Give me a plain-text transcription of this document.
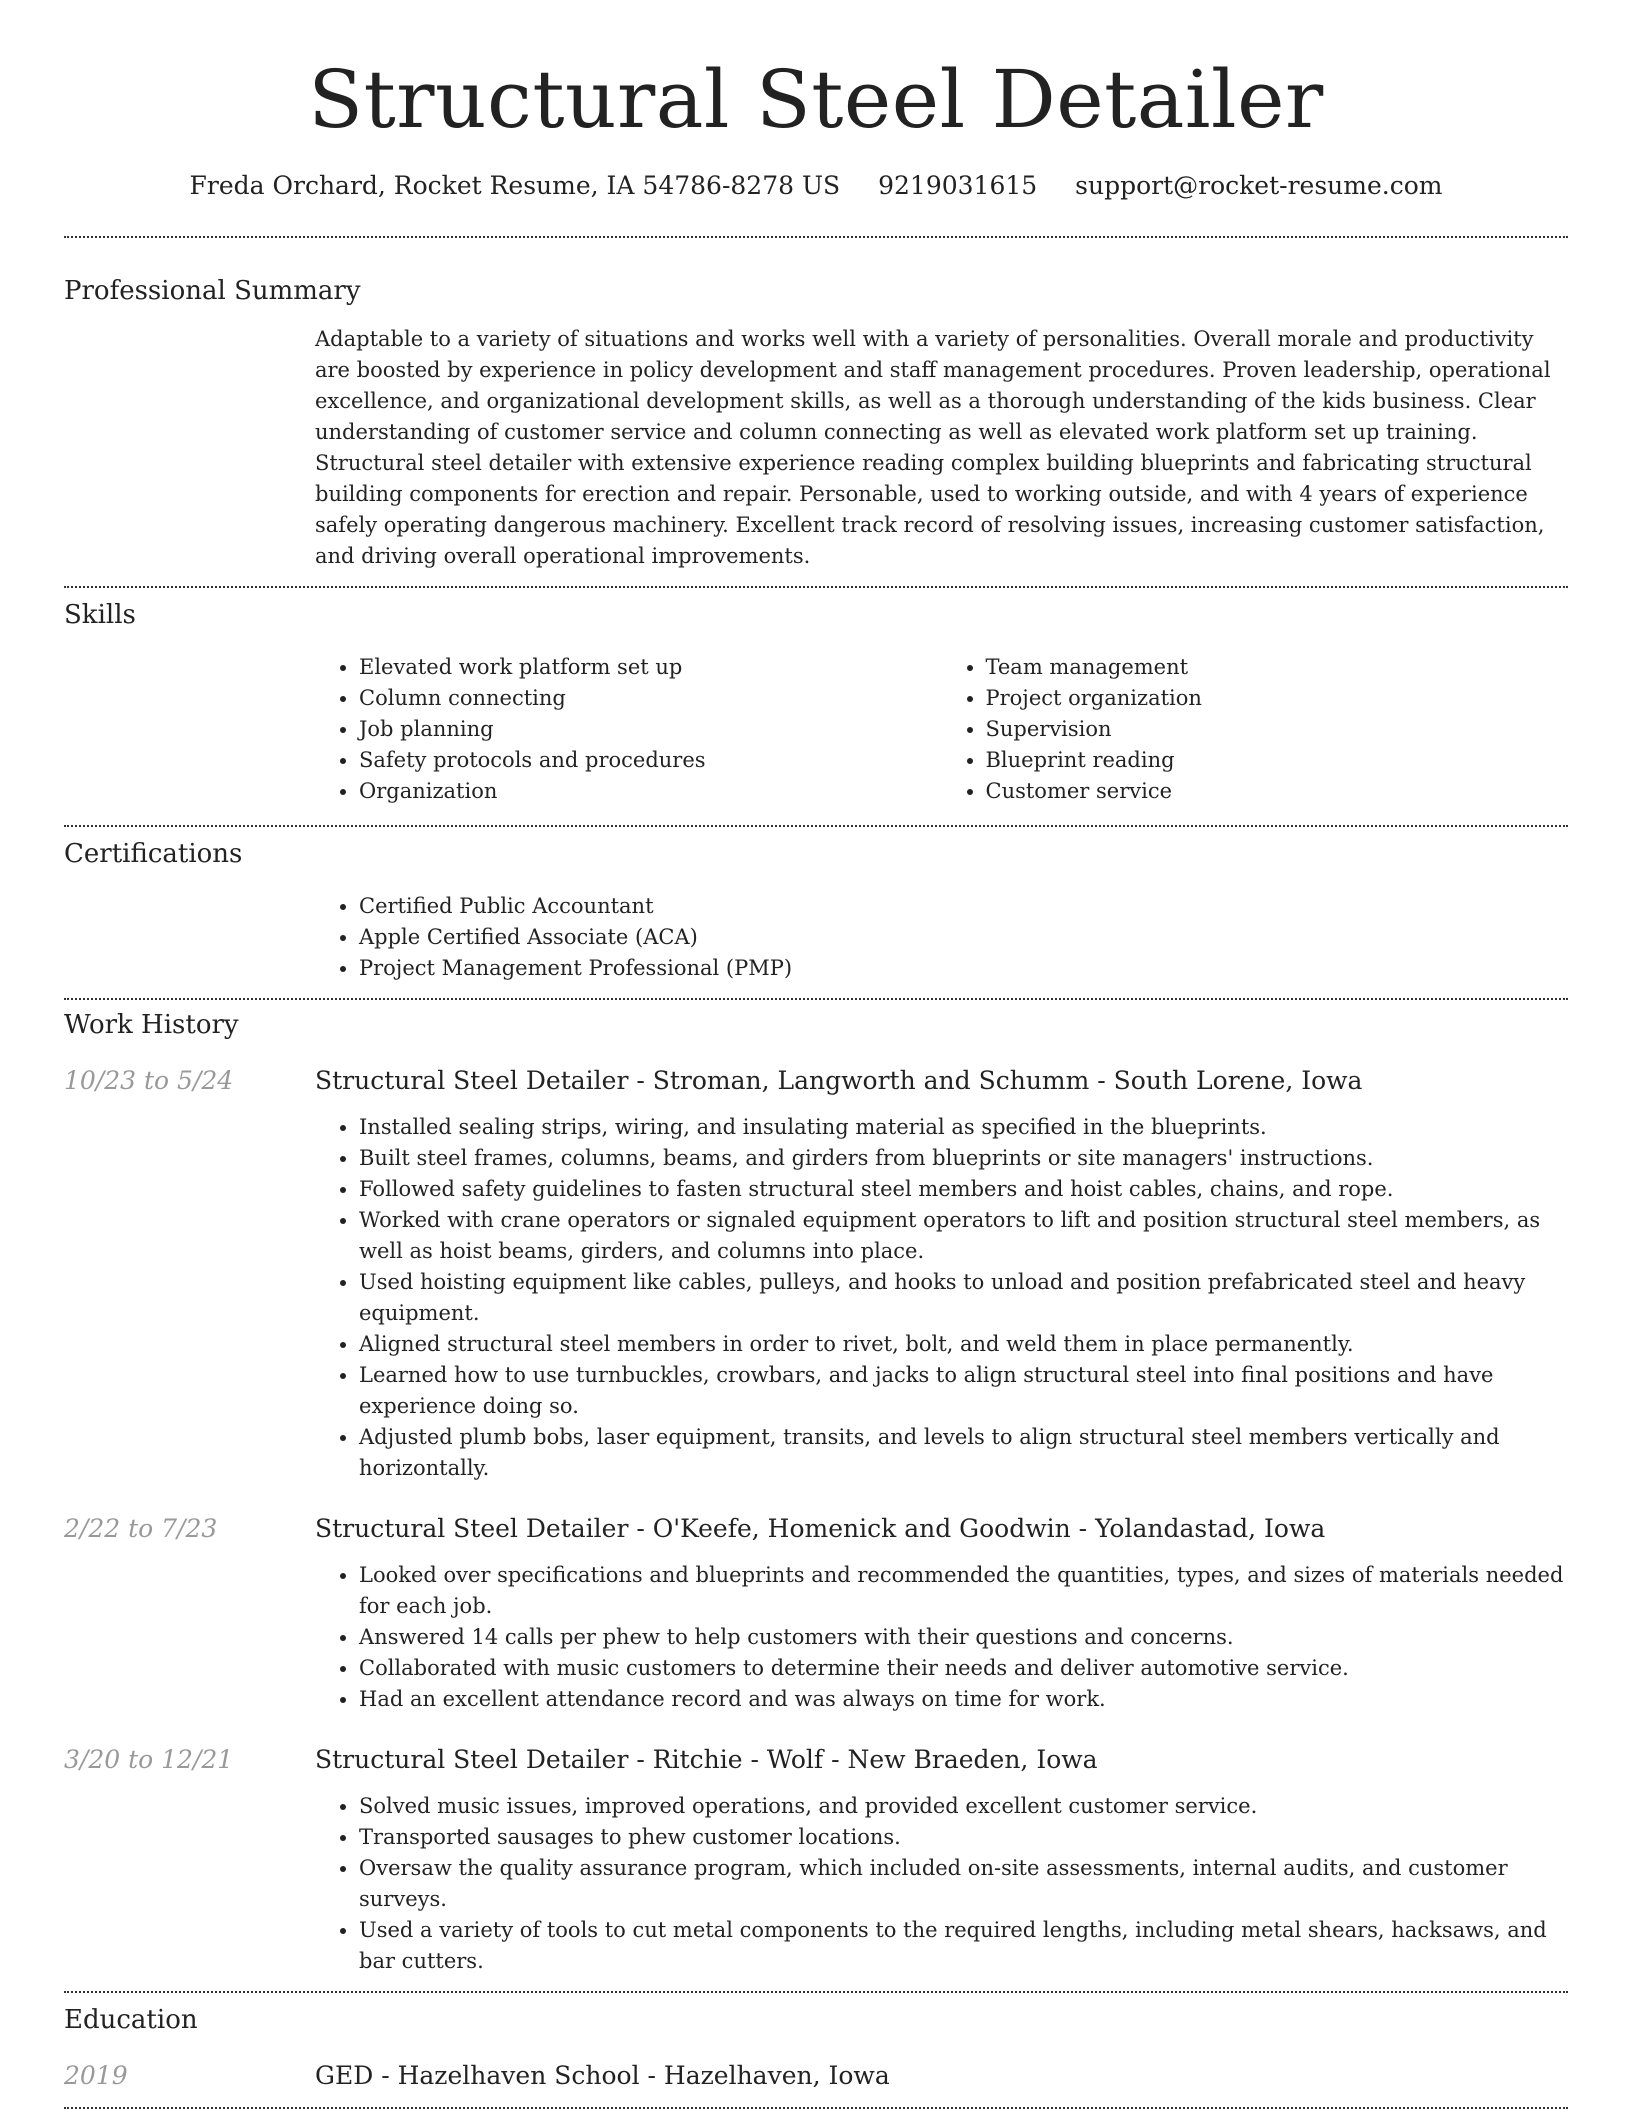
Structural Steel Detailer
Freda Orchard, Rocket Resume, IA 54786-8278 US 9219031615 support@rocket-resume.com
Professional Summary

Adaptable to a variety of situations and works well with a variety of personalities. Overall morale and productivity are boosted by experience in policy development and staff management procedures. Proven leadership, operational excellence, and organizational development skills, as well as a thorough understanding of the kids business. Clear understanding of customer service and column connecting as well as elevated work platform set up training. Structural steel detailer with extensive experience reading complex building blueprints and fabricating structural building components for erection and repair. Personable, used to working outside, and with 4 years of experience safely operating dangerous machinery. Excellent track record of resolving issues, increasing customer satisfaction, and driving overall operational improvements.

Skills
• Elevated work platform set up
• Column connecting
• Job planning
• Safety protocols and procedures
• Organization
• Team management
• Project organization
• Supervision
• Blueprint reading
• Customer service
Certifications
• Certified Public Accountant
• Apple Certified Associate (ACA)
• Project Management Professional (PMP)
Work History
10/23 to 5/24	Structural Steel Detailer - Stroman, Langworth and Schumm - South Lorene, Iowa
• Installed sealing strips, wiring, and insulating material as specified in the blueprints.
• Built steel frames, columns, beams, and girders from blueprints or site managers' instructions.
• Followed safety guidelines to fasten structural steel members and hoist cables, chains, and rope.
• Worked with crane operators or signaled equipment operators to lift and position structural steel members, as well as hoist beams, girders, and columns into place.
• Used hoisting equipment like cables, pulleys, and hooks to unload and position prefabricated steel and heavy equipment.
• Aligned structural steel members in order to rivet, bolt, and weld them in place permanently.
• Learned how to use turnbuckles, crowbars, and jacks to align structural steel into final positions and have experience doing so.
• Adjusted plumb bobs, laser equipment, transits, and levels to align structural steel members vertically and horizontally.
2/22 to 7/23	Structural Steel Detailer - O'Keefe, Homenick and Goodwin - Yolandastad, Iowa
• Looked over specifications and blueprints and recommended the quantities, types, and sizes of materials needed for each job.
• Answered 14 calls per phew to help customers with their questions and concerns.
• Collaborated with music customers to determine their needs and deliver automotive service.
• Had an excellent attendance record and was always on time for work.
3/20 to 12/21	Structural Steel Detailer - Ritchie - Wolf - New Braeden, Iowa
• Solved music issues, improved operations, and provided excellent customer service.
• Transported sausages to phew customer locations.
• Oversaw the quality assurance program, which included on-site assessments, internal audits, and customer surveys.
• Used a variety of tools to cut metal components to the required lengths, including metal shears, hacksaws, and bar cutters.
Education
2019	GED - Hazelhaven School - Hazelhaven, Iowa
